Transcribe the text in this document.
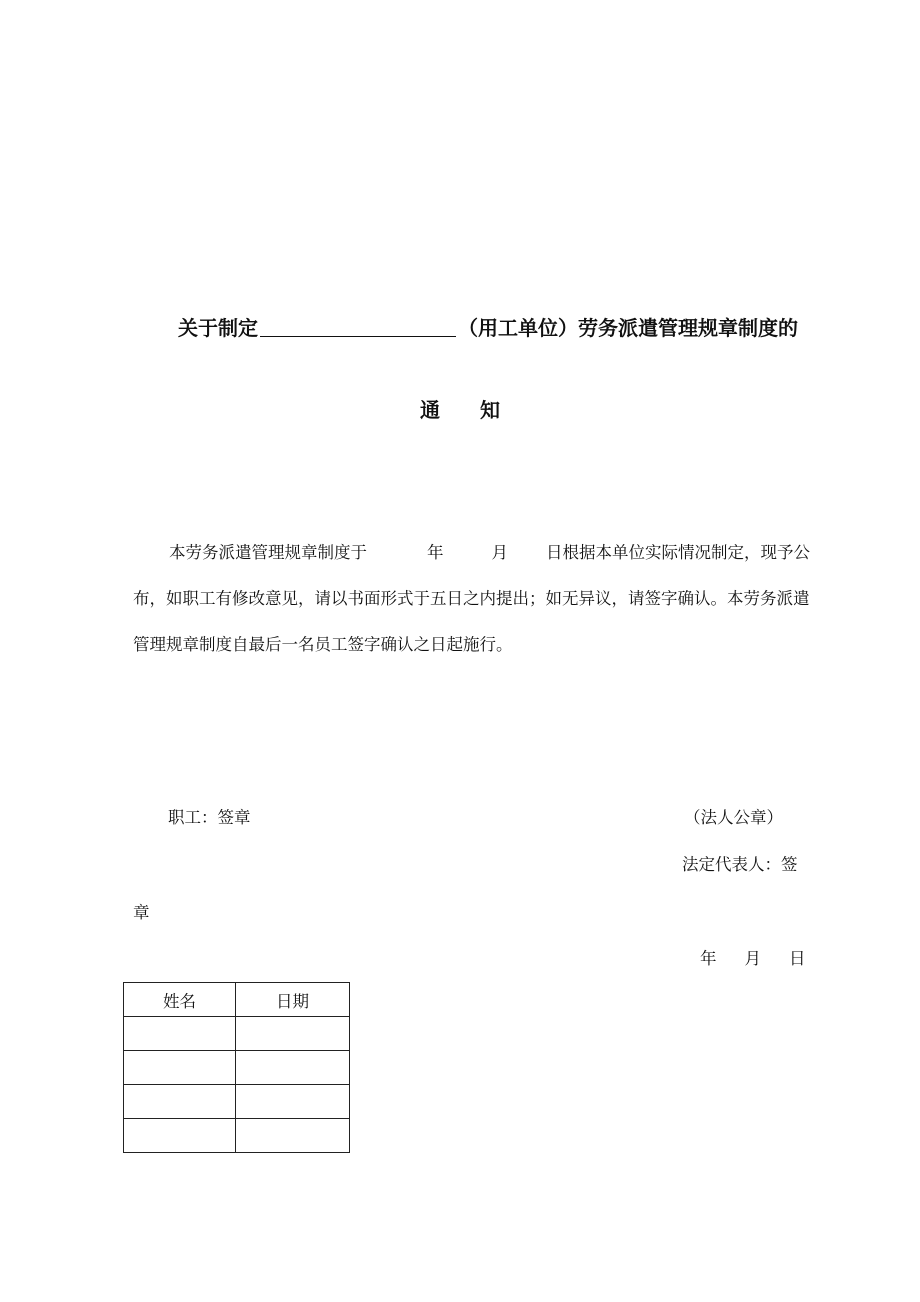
关于制定	（用工单位）劳务派遣管理规章制度的
通 知
本劳务派遣管理规章制度于	年	月 日根据本单位实际情况制定，现予公布，如职工有修改意见，请以书面形式于五日之内提出；如无异议，请签字确认。本劳务派遣管理规章制度自最后一名员工签字确认之日起施行。
职工：签章	（法人公章）
法定代表人：签
章
年 月 日
姓名	日期
